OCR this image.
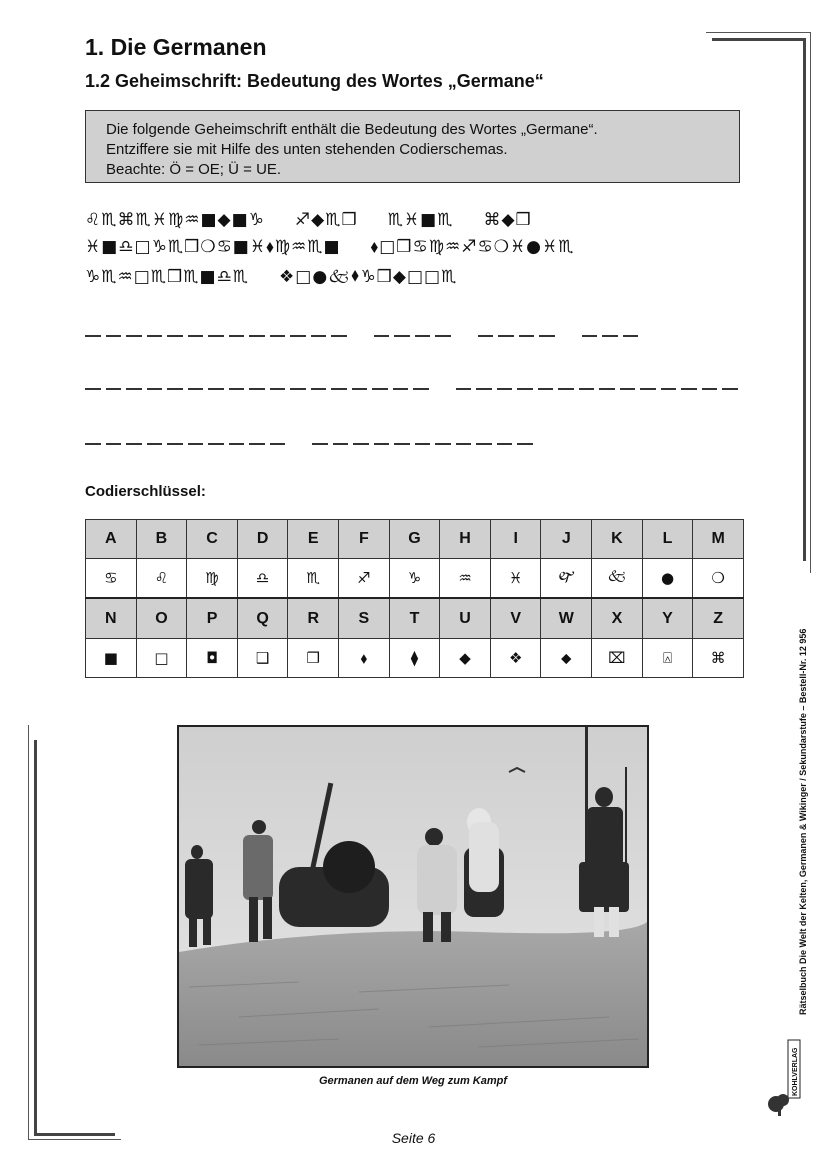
1. Die Germanen
1.2 Geheimschrift: Bedeutung des Wortes „Germane“
Die folgende Geheimschrift enthält die Bedeutung des Wortes „Germane“.
Entziffere sie mit Hilfe des unten stehenden Codierschemas.
Beachte: Ö = OE; Ü = UE.
♌♏⌘♏♓♍♒■◆■♑ ♐◆♏❒ ♏♓■♏ ⌘◆❒
♓■♎□♑♏❒❍♋■♓⬧♍♒♏■ ⬧□❒♋♍♒♐♋❍♓●♓♏
♑♏♒□♏❒♏■♎♏ ❖□●🙵⬧♑❒◆□□♏
Codierschlüssel:
A	B	C	D	E	F	G	H	I	J	K	L	M
♋	♌	♍	♎	♏	♐	♑	♒	♓	🙰	🙵	●	❍
N	O	P	Q	R	S	T	U	V	W	X	Y	Z
■	□	◘	❑	❒	⬧	⧫	◆	❖	⬥	⌧	⍓	⌘
Germanen auf dem Weg zum Kampf
Rätselbuch Die Welt der Kelten, Germanen & Wikinger / Sekundarstufe – Bestell-Nr. 12 956
KOHLVERLAG
Seite 6
